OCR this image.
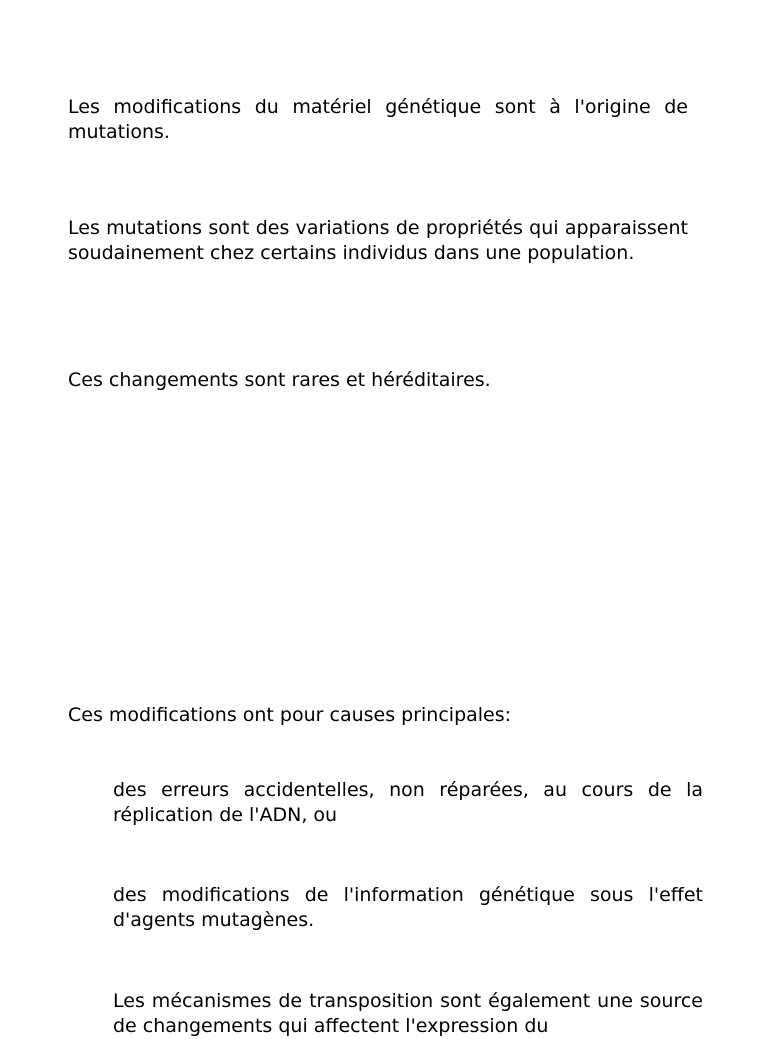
Les modifications du matériel génétique sont à l'origine de mutations.

Les mutations sont des variations de propriétés qui apparaissent soudainement chez certains individus dans une population.

Ces changements sont rares et héréditaires.

Ces modifications ont pour causes principales:

des erreurs accidentelles, non réparées, au cours de la réplication de l'ADN, ou

des modifications de l'information génétique sous l'effet d'agents mutagènes.

Les mécanismes de transposition sont également une source de changements qui affectent l'expression du
